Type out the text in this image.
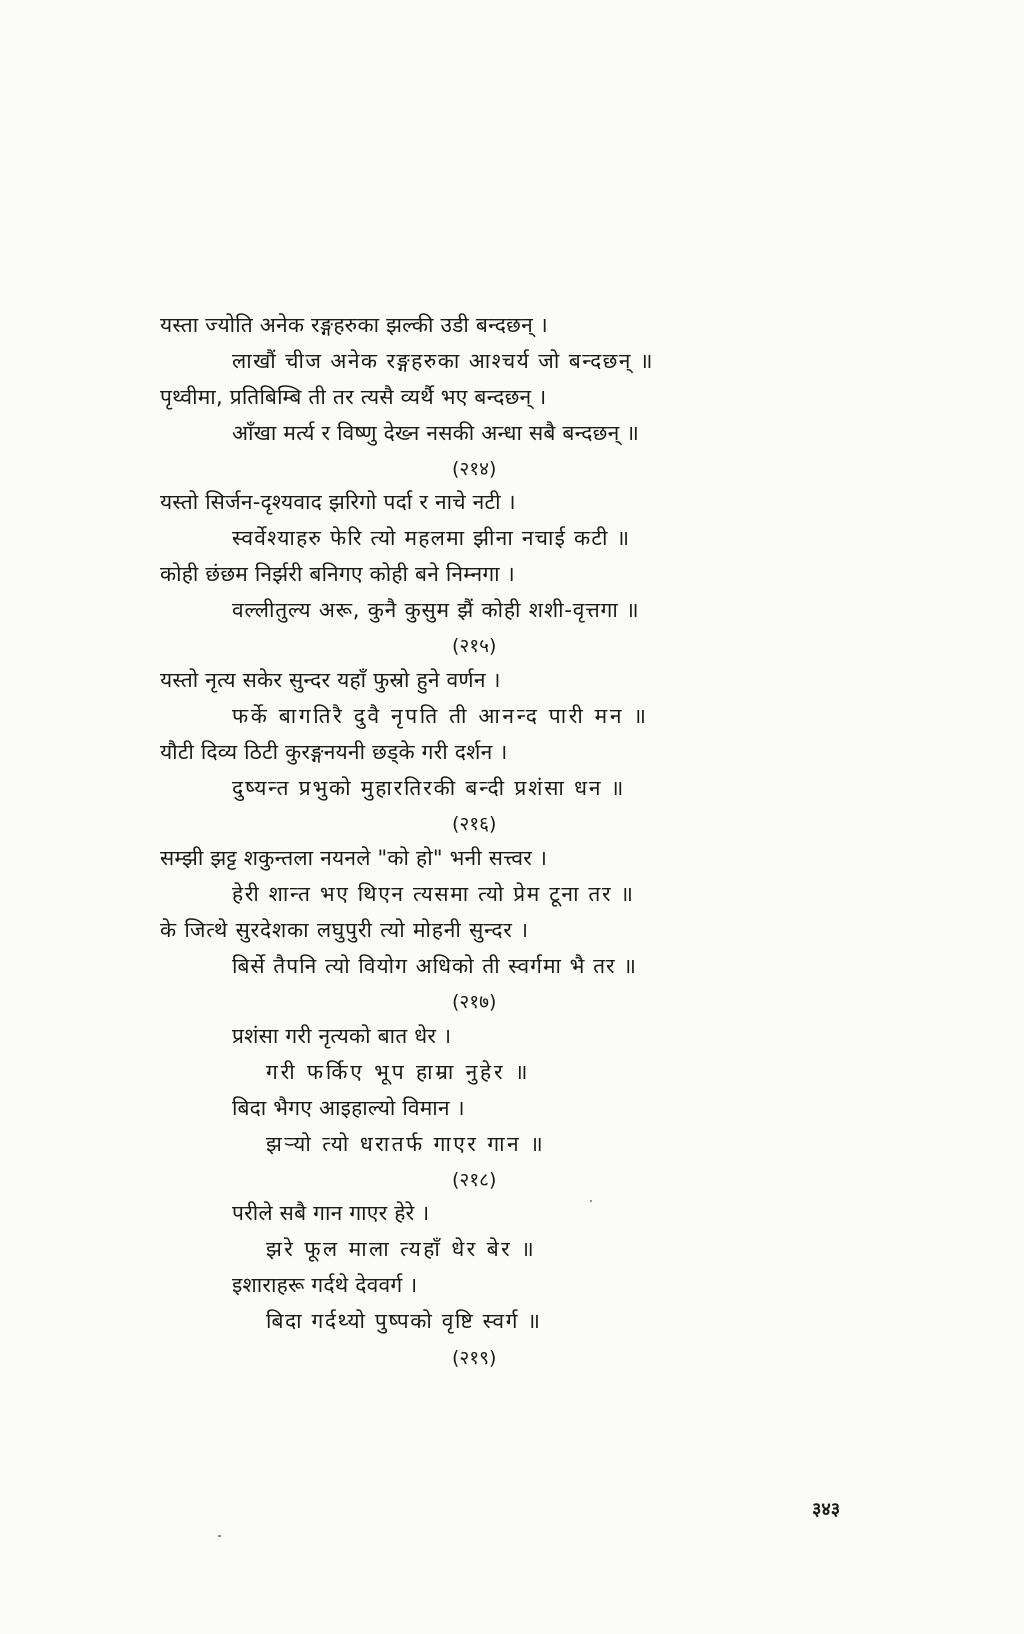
यस्ता ज्योति अनेक रङ्गहरुका झल्की उडी बन्दछन् ।
लाखौं चीज अनेक रङ्गहरुका आश्चर्य जो बन्दछन् ॥
पृथ्वीमा, प्रतिबिम्बि ती तर त्यसै व्यर्थै भए बन्दछन् ।
आँखा मर्त्य र विष्णु देख्न नसकी अन्धा सबै बन्दछन् ॥
(२१४)
यस्तो सिर्जन-दृश्यवाद झरिगो पर्दा र नाचे नटी ।
स्वर्वेश्याहरु फेरि त्यो महलमा झीना नचाई कटी ॥
कोही छंछम निर्झरी बनिगए कोही बने निम्नगा ।
वल्लीतुल्य अरू, कुनै कुसुम झैं कोही शशी-वृत्तगा ॥
(२१५)
यस्तो नृत्य सकेर सुन्दर यहाँ फुस्रो हुने वर्णन ।
फर्के बागतिरै दुवै नृपति ती आनन्द पारी मन ॥
यौटी दिव्य ठिटी कुरङ्गनयनी छड्के गरी दर्शन ।
दुष्यन्त प्रभुको मुहारतिरकी बन्दी प्रशंसा धन ॥
(२१६)
सम्झी झट्ट शकुन्तला नयनले "को हो" भनी सत्त्वर ।
हेरी शान्त भए थिएन त्यसमा त्यो प्रेम टूना तर ॥
के जित्थे सुरदेशका लघुपुरी त्यो मोहनी सुन्दर ।
बिर्से तैपनि त्यो वियोग अधिको ती स्वर्गमा भै तर ॥
(२१७)
प्रशंसा गरी नृत्यको बात धेर ।
गरी फर्किए भूप हाम्रा नुहेर ॥
बिदा भैगए आइहाल्यो विमान ।
झऱ्यो त्यो धरातर्फ गाएर गान ॥
(२१८)
परीले सबै गान गाएर हेरे ।
झरे फूल माला त्यहाँ धेर बेर ॥
इशाराहरू गर्दथे देववर्ग ।
बिदा गर्दथ्यो पुष्पको वृष्टि स्वर्ग ॥
(२१९)
३४३
